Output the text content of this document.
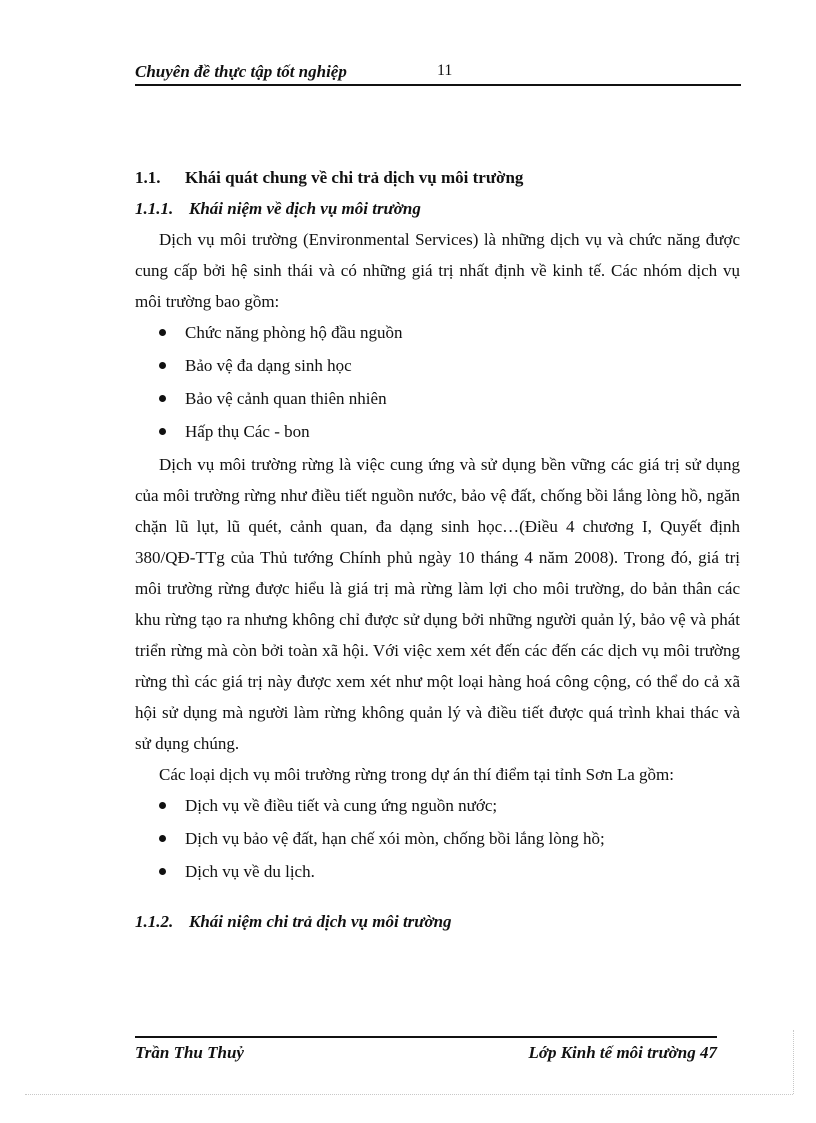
Chuyên đề thực tập tốt nghiệp	11
1.1. Khái quát chung về chi trả dịch vụ môi trường
1.1.1. Khái niệm về dịch vụ môi trường

Dịch vụ môi trường (Environmental Services) là những dịch vụ và chức năng được cung cấp bởi hệ sinh thái và có những giá trị nhất định về kinh tế. Các nhóm dịch vụ môi trường bao gồm:

Chức năng phòng hộ đầu nguồn
Bảo vệ đa dạng sinh học
Bảo vệ cảnh quan thiên nhiên
Hấp thụ Các - bon

Dịch vụ môi trường rừng là việc cung ứng và sử dụng bền vững các giá trị sử dụng của môi trường rừng như điều tiết nguồn nước, bảo vệ đất, chống bồi lắng lòng hồ, ngăn chặn lũ lụt, lũ quét, cảnh quan, đa dạng sinh học…(Điều 4 chương I, Quyết định 380/QĐ-TTg của Thủ tướng Chính phủ ngày 10 tháng 4 năm 2008). Trong đó, giá trị môi trường rừng được hiểu là giá trị mà rừng làm lợi cho môi trường, do bản thân các khu rừng tạo ra nhưng không chỉ được sử dụng bởi những người quản lý, bảo vệ và phát triển rừng mà còn bởi toàn xã hội. Với việc xem xét đến các đến các dịch vụ môi trường rừng thì các giá trị này được xem xét như một loại hàng hoá công cộng, có thể do cả xã hội sử dụng mà người làm rừng không quản lý và điều tiết được quá trình khai thác và sử dụng chúng.

Các loại dịch vụ môi trường rừng trong dự án thí điểm tại tỉnh Sơn La gồm:

Dịch vụ về điều tiết và cung ứng nguồn nước;
Dịch vụ bảo vệ đất, hạn chế xói mòn, chống bồi lắng lòng hồ;
Dịch vụ về du lịch.
1.1.2. Khái niệm chi trả dịch vụ môi trường
Trần Thu Thuỷ	Lớp Kinh tế môi trường 47
